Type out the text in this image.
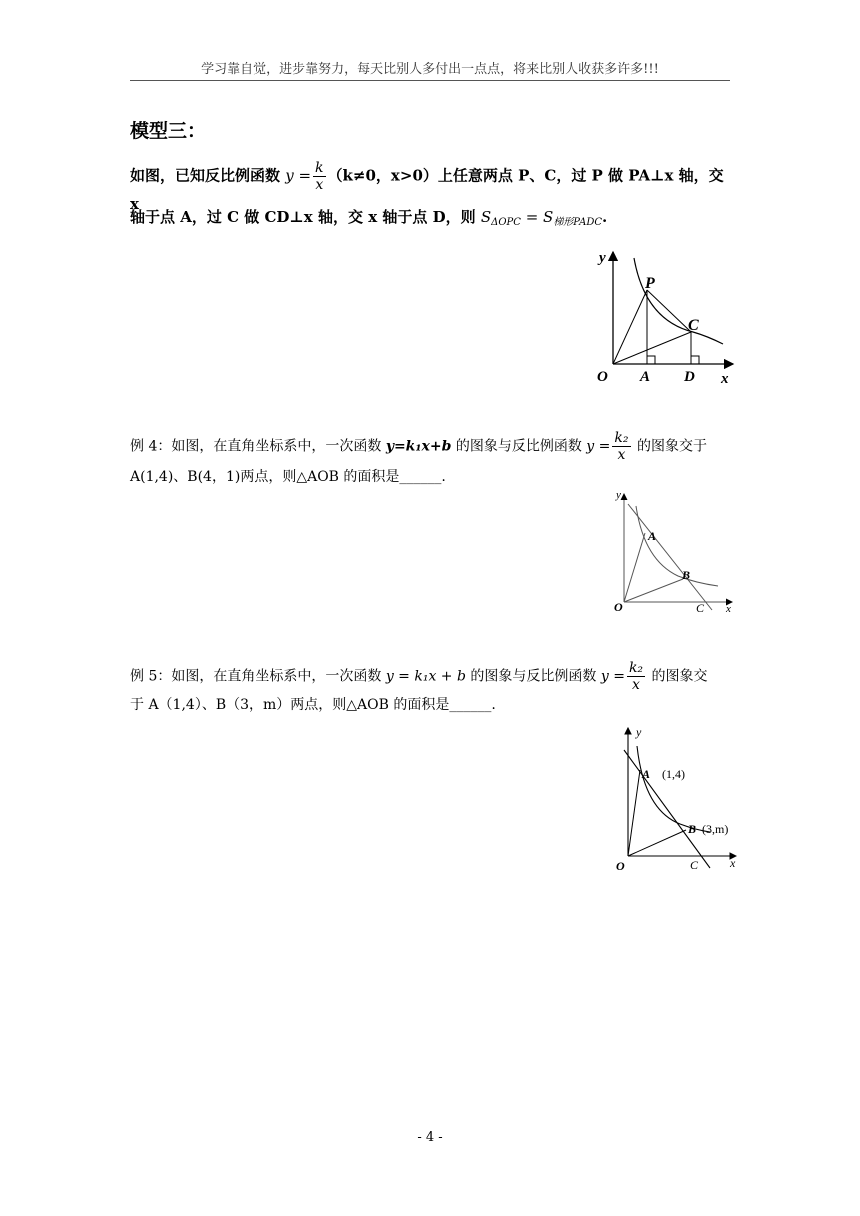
学习靠自觉，进步靠努力，每天比别人多付出一点点，将来比别人收获多许多!!!
模型三：
如图，已知反比例函数 $y = \frac{k}{x} (k\ne 0$，x>0）上任意两点 P、C，过 P 做 PA⊥x 轴，交 x
轴于点 A，过 C 做 CD⊥x 轴，交 x 轴于点 D，则 $S_{\Delta OPC} = S_{梯形PADC}$.
y
P
C
O A D x
例 4：如图，在直角坐标系中，一次函数 y=k₁x+b 的图象与反比例函数 $y = \frac{\text{k₂}}{x}$ 的图象交于
A(1,4)、B(4，1)两点，则△AOB 的面积是______.
y
A
B
O	C x
例 5：如图，在直角坐标系中，一次函数 y = k₁x + b 的图象与反比例函数 $y = \frac{\text{k₂}}{x}$ 的图象交
于 A（1,4）、B（3，m）两点，则△AOB 的面积是______.
y
A (1,4)
B (3,m)
O	C	x
- 4 -
